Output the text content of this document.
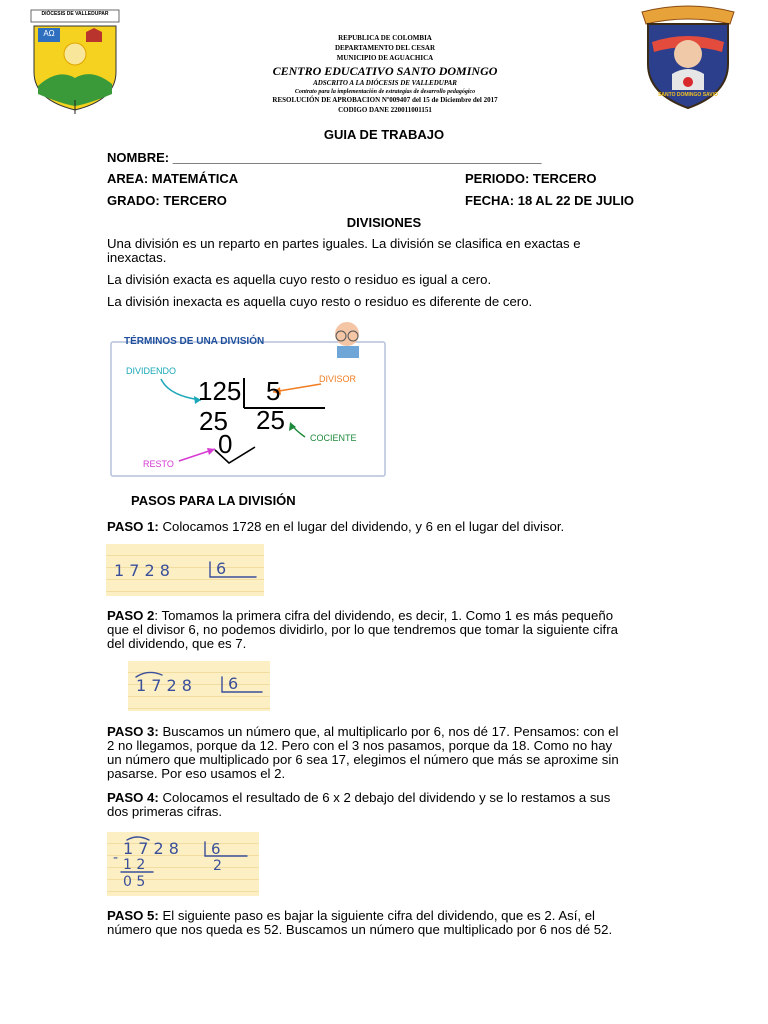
DIÓCESIS DE VALLEDUPAR
ΑΩ	REPUBLICA DE COLOMBIA
DEPARTAMENTO DEL CESAR
MUNICIPIO DE AGUACHICA
CENTRO EDUCATIVO SANTO DOMINGO
ADSCRITO A LA DIÓCESIS DE VALLEDUPAR
Contrato para la implementación de estrategias de desarrollo pedagógico
RESOLUCIÓN DE APROBACION Nº009407 del 15 de Diciembre del 2017
CODIGO DANE 220011001151
SANTO DOMINGO SAVIO
GUIA DE TRABAJO
NOMBRE: ___________________________________________________
AREA: MATEMÁTICA	PERIODO: TERCERO
GRADO: TERCERO	FECHA: 18 AL 22 DE JULIO
DIVISIONES
Una división es un reparto en partes iguales. La división se clasifica en exactas e inexactas.
La división exacta es aquella cuyo resto o residuo es igual a cero.
La división inexacta es aquella cuyo resto o residuo es diferente de cero.
TÉRMINOS DE UNA DIVISIÓN
DIVIDENDO
DIVISOR
COCIENTE
RESTO
125 5
25 25
0
PASOS PARA LA DIVISIÓN
PASO 1: Colocamos 1728 en el lugar del dividendo, y 6 en el lugar del divisor.
1 7 2 8	6
PASO 2: Tomamos la primera cifra del dividendo, es decir, 1. Como 1 es más pequeño que el divisor 6, no podemos dividirlo, por lo que tendremos que tomar la siguiente cifra del dividendo, que es 7.
1 7 2 8 6
PASO 3: Buscamos un número que, al multiplicarlo por 6, nos dé 17. Pensamos: con el 2 no llegamos, porque da 12. Pero con el 3 nos pasamos, porque da 18. Como no hay un número que multiplicado por 6 sea 17, elegimos el número que más se aproxime sin pasarse. Por eso usamos el 2.
PASO 4: Colocamos el resultado de 6 x 2 debajo del dividendo y se lo restamos a sus dos primeras cifras.
- 1 7 2 8
1 2
0 5
6
2
PASO 5: El siguiente paso es bajar la siguiente cifra del dividendo, que es 2. Así, el número que nos queda es 52. Buscamos un número que multiplicado por 6 nos dé 52.
